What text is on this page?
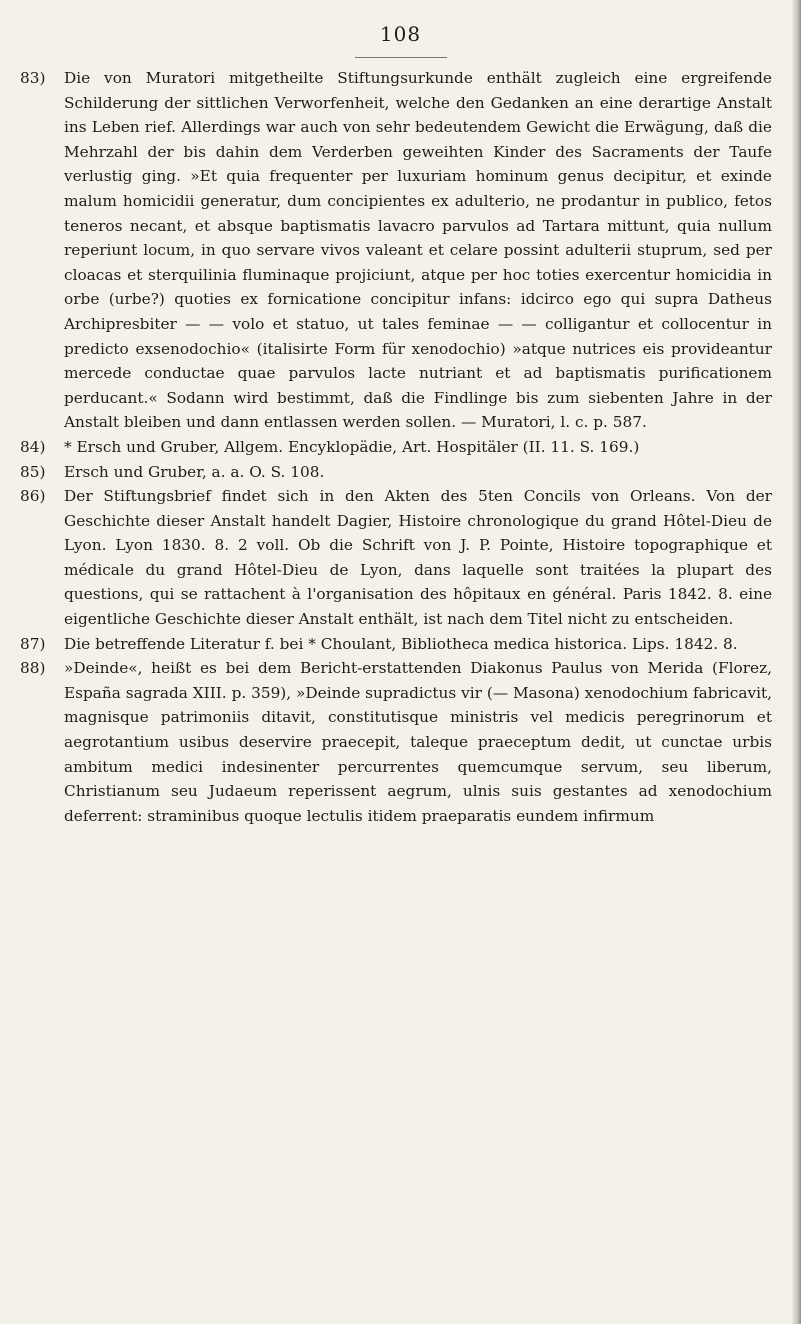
108
83)	Die von Muratori mitgetheilte Stiftungsurkunde enthält zugleich eine ergreifende Schilderung der sittlichen Verworfenheit, welche den Gedanken an eine derartige Anstalt ins Leben rief. Allerdings war auch von sehr bedeutendem Gewicht die Erwägung, daß die Mehrzahl der bis dahin dem Verderben geweihten Kinder des Sacraments der Taufe verlustig ging. »Et quia frequenter per luxuriam hominum genus decipitur, et exinde malum homicidii generatur, dum concipientes ex adulterio, ne prodantur in publico, fetos teneros necant, et absque baptismatis lavacro parvulos ad Tartara mittunt, quia nullum reperiunt locum, in quo servare vivos valeant et celare possint adulterii stuprum, sed per cloacas et sterquilinia fluminaque projiciunt, atque per hoc toties exercentur homicidia in orbe (urbe?) quoties ex fornicatione concipitur infans: idcirco ego qui supra Datheus Archipresbiter — — volo et statuo, ut tales feminae — — colligantur et collocentur in predicto exsenodochio« (italisirte Form für xenodochio) »atque nutrices eis provideantur mercede conductae quae parvulos lacte nutriant et ad baptismatis purificationem perducant.« Sodann wird bestimmt, daß die Findlinge bis zum siebenten Jahre in der Anstalt bleiben und dann entlassen werden sollen. — Muratori, l. c. p. 587.

84)	* Ersch und Gruber, Allgem. Encyklopädie, Art. Hospitäler (II. 11. S. 169.)

85)	Ersch und Gruber, a. a. O. S. 108.

86)	Der Stiftungsbrief findet sich in den Akten des 5ten Concils von Orleans. Von der Geschichte dieser Anstalt handelt Dagier, Histoire chronologique du grand Hôtel-Dieu de Lyon. Lyon 1830. 8. 2 voll. Ob die Schrift von J. P. Pointe, Histoire topographique et médicale du grand Hôtel-Dieu de Lyon, dans laquelle sont traitées la plupart des questions, qui se rattachent à l'organisation des hôpitaux en général. Paris 1842. 8. eine eigentliche Geschichte dieser Anstalt enthält, ist nach dem Titel nicht zu entscheiden.

87)	Die betreffende Literatur f. bei * Choulant, Bibliotheca medica historica. Lips. 1842. 8.

88)	»Deinde«, heißt es bei dem Bericht-erstattenden Diakonus Paulus von Merida (Florez, España sagrada XIII. p. 359), »Deinde supradictus vir (— Masona) xenodochium fabricavit, magnisque patrimoniis ditavit, constitutisque ministris vel medicis peregrinorum et aegrotantium usibus deservire praecepit, taleque praeceptum dedit, ut cunctae urbis ambitum medici indesinenter percurrentes quemcumque servum, seu liberum, Christianum seu Judaeum reperissent aegrum, ulnis suis gestantes ad xenodochium deferrent: straminibus quoque lectulis itidem praeparatis eundem infirmum
